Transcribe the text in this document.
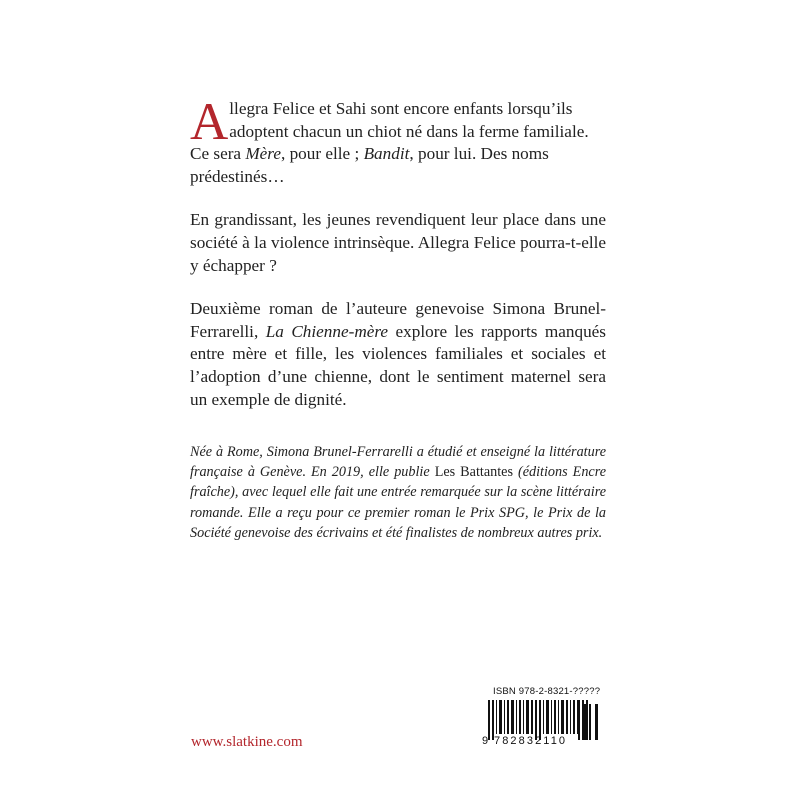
Allegra Felice et Sahi sont encore enfants lorsqu’ils
adoptent chacun un chiot né dans la ferme familiale.
Ce sera Mère, pour elle ; Bandit, pour lui. Des noms
prédestinés…

En grandissant, les jeunes revendiquent leur place dans une société à la violence intrinsèque. Allegra Felice pourra-t-elle y échapper ?

Deuxième roman de l’auteure genevoise Simona Brunel-Ferrarelli, La Chienne-mère explore les rapports manqués entre mère et fille, les violences familiales et sociales et l’adoption d’une chienne, dont le sentiment maternel sera un exemple de dignité.

Née à Rome, Simona Brunel-Ferrarelli a étudié et enseigné la littérature française à Genève. En 2019, elle publie Les Battantes (éditions Encre fraîche), avec lequel elle fait une entrée remarquée sur la scène littéraire romande. Elle a reçu pour ce premier roman le Prix SPG, le Prix de la Société genevoise des écrivains et été finalistes de nombreux autres prix.
www.slatkine.com
ISBN 978-2-8321-?????
9 782832110
